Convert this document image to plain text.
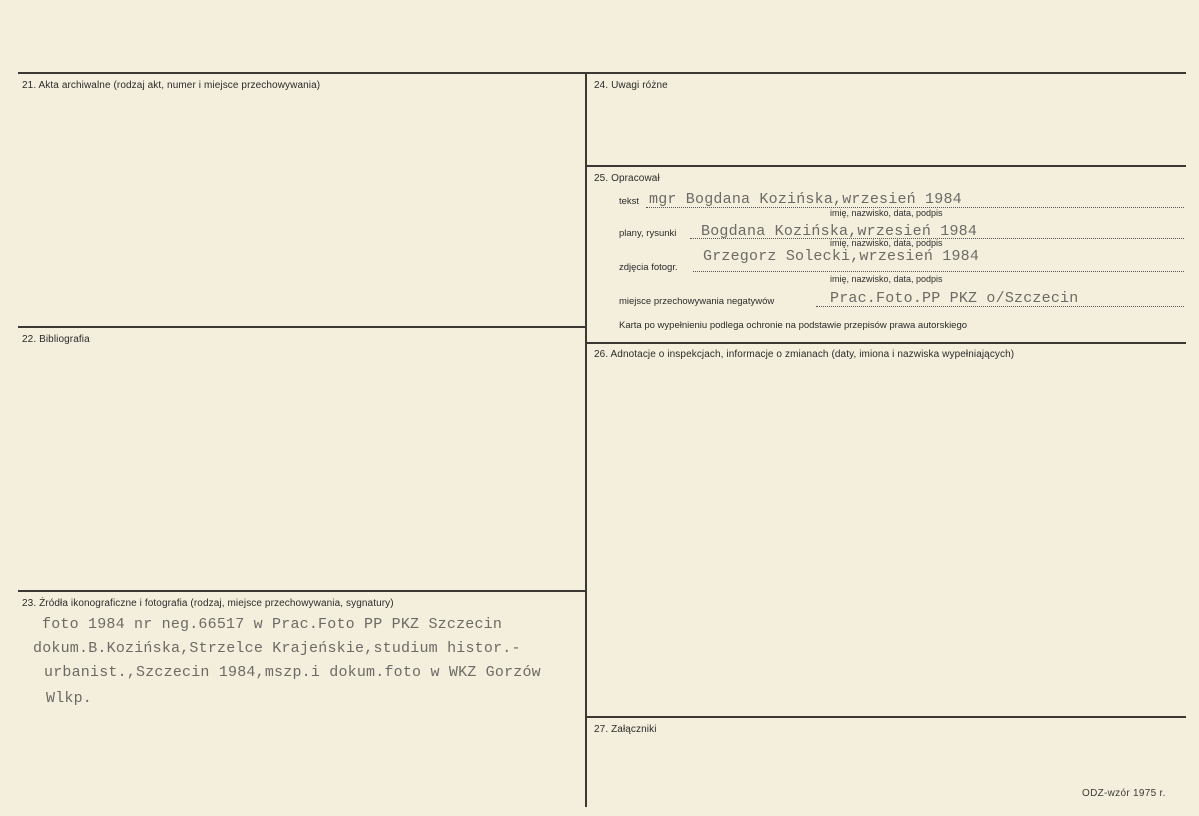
21. Akta archiwalne (rodzaj akt, numer i miejsce przechowywania)
22. Bibliografia
23. Źródła ikonograficzne i fotografia (rodzaj, miejsce przechowywania, sygnatury)
foto 1984 nr neg.66517 w Prac.Foto PP PKZ Szczecin
dokum.B.Kozińska,Strzelce Krajeńskie,studium histor.-
urbanist.,Szczecin 1984,mszp.i dokum.foto w WKZ Gorzów
Wlkp.
24. Uwagi różne
25. Opracował
tekst mgr Bogdana Kozińska,wrzesień 1984
imię, nazwisko, data, podpis
plany, rysunki Bogdana Kozińska,wrzesień 1984
imię, nazwisko, data, podpis
zdjęcia fotogr.
Grzegorz Solecki,wrzesień 1984
imię, nazwisko, data, podpis
miejsce przechowywania negatywów	Prac.Foto.PP PKZ o/Szczecin
Karta po wypełnieniu podlega ochronie na podstawie przepisów prawa autorskiego
26. Adnotacje o inspekcjach, informacje o zmianach (daty, imiona i nazwiska wypełniających)
27. Załączniki
ODZ-wzór 1975 r.
